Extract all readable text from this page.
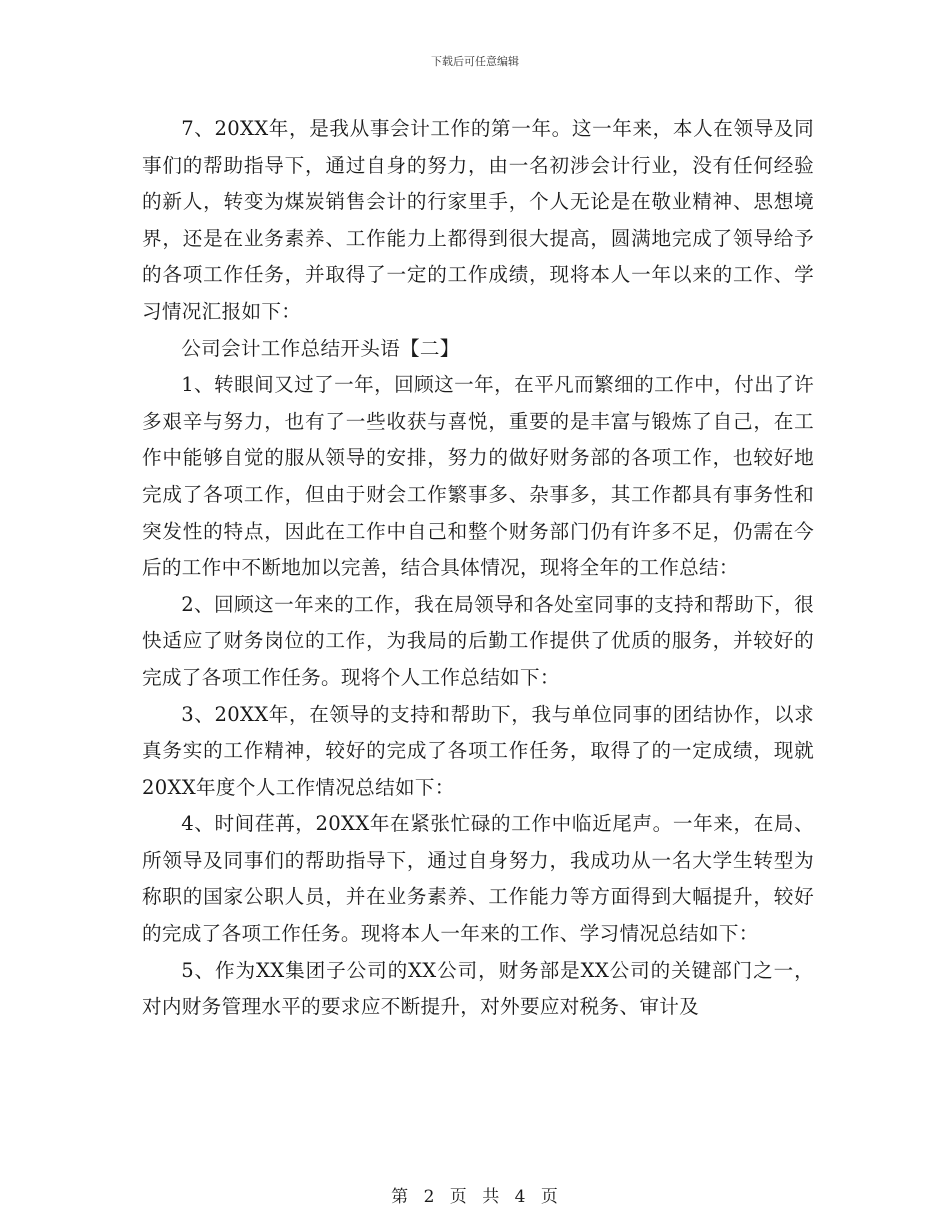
下载后可任意编辑

7、20XX年，是我从事会计工作的第一年。这一年来，本人在领导及同事们的帮助指导下，通过自身的努力，由一名初涉会计行业，没有任何经验的新人，转变为煤炭销售会计的行家里手，个人无论是在敬业精神、思想境界，还是在业务素养、工作能力上都得到很大提高，圆满地完成了领导给予的各项工作任务，并取得了一定的工作成绩，现将本人一年以来的工作、学习情况汇报如下：

公司会计工作总结开头语【二】

1、转眼间又过了一年，回顾这一年，在平凡而繁细的工作中，付出了许多艰辛与努力，也有了一些收获与喜悦，重要的是丰富与锻炼了自己，在工作中能够自觉的服从领导的安排，努力的做好财务部的各项工作，也较好地完成了各项工作，但由于财会工作繁事多、杂事多，其工作都具有事务性和突发性的特点，因此在工作中自己和整个财务部门仍有许多不足，仍需在今后的工作中不断地加以完善，结合具体情况，现将全年的工作总结：

2、回顾这一年来的工作，我在局领导和各处室同事的支持和帮助下，很快适应了财务岗位的工作，为我局的后勤工作提供了优质的服务，并较好的完成了各项工作任务。现将个人工作总结如下：

3、20XX年，在领导的支持和帮助下，我与单位同事的团结协作，以求真务实的工作精神，较好的完成了各项工作任务，取得了的一定成绩，现就20XX年度个人工作情况总结如下：

4、时间荏苒，20XX年在紧张忙碌的工作中临近尾声。一年来，在局、所领导及同事们的帮助指导下，通过自身努力，我成功从一名大学生转型为称职的国家公职人员，并在业务素养、工作能力等方面得到大幅提升，较好的完成了各项工作任务。现将本人一年来的工作、学习情况总结如下：

5、作为XX集团子公司的XX公司，财务部是XX公司的关键部门之一，对内财务管理水平的要求应不断提升，对外要应对税务、审计及

第 2 页 共 4 页
